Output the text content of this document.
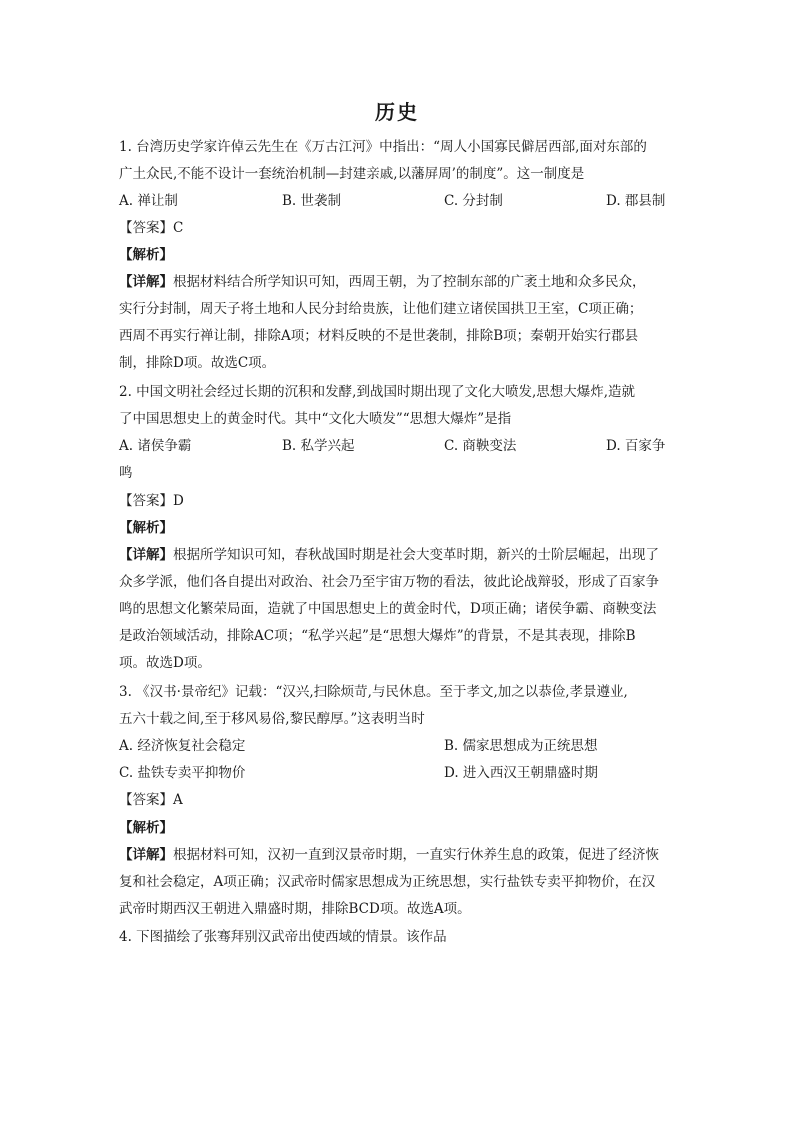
历史
1. 台湾历史学家许倬云先生在《万古江河》中指出：“周人小国寡民僻居西部,面对东部的
广土众民,不能不设计一套统治机制—封建亲戚,以藩屏周’的制度”。这一制度是
A. 禅让制	B. 世袭制	C. 分封制	D. 郡县制
【答案】C
【解析】
【详解】根据材料结合所学知识可知，西周王朝，为了控制东部的广袤土地和众多民众，
实行分封制，周天子将土地和人民分封给贵族，让他们建立诸侯国拱卫王室，C项正确；
西周不再实行禅让制，排除A项；材料反映的不是世袭制，排除B项；秦朝开始实行郡县
制，排除D项。故选C项。
2. 中国文明社会经过长期的沉积和发酵,到战国时期出现了文化大喷发,思想大爆炸,造就
了中国思想史上的黄金时代。其中“文化大喷发”“思想大爆炸”是指
A. 诸侯争霸	B. 私学兴起	C. 商鞅变法	D. 百家争
鸣
【答案】D
【解析】
【详解】根据所学知识可知，春秋战国时期是社会大变革时期，新兴的士阶层崛起，出现了
众多学派，他们各自提出对政治、社会乃至宇宙万物的看法，彼此论战辩驳，形成了百家争
鸣的思想文化繁荣局面，造就了中国思想史上的黄金时代，D项正确；诸侯争霸、商鞅变法
是政治领域活动，排除AC项；“私学兴起”是“思想大爆炸”的背景，不是其表现，排除B
项。故选D项。
3. 《汉书·景帝纪》记载：“汉兴,扫除烦苛,与民休息。至于孝文,加之以恭俭,孝景遵业,
五六十载之间,至于移风易俗,黎民醇厚。”这表明当时
A. 经济恢复社会稳定	B. 儒家思想成为正统思想
C. 盐铁专卖平抑物价	D. 进入西汉王朝鼎盛时期
【答案】A
【解析】
【详解】根据材料可知，汉初一直到汉景帝时期，一直实行休养生息的政策，促进了经济恢
复和社会稳定，A项正确；汉武帝时儒家思想成为正统思想，实行盐铁专卖平抑物价，在汉
武帝时期西汉王朝进入鼎盛时期，排除BCD项。故选A项。
4. 下图描绘了张骞拜别汉武帝出使西域的情景。该作品
